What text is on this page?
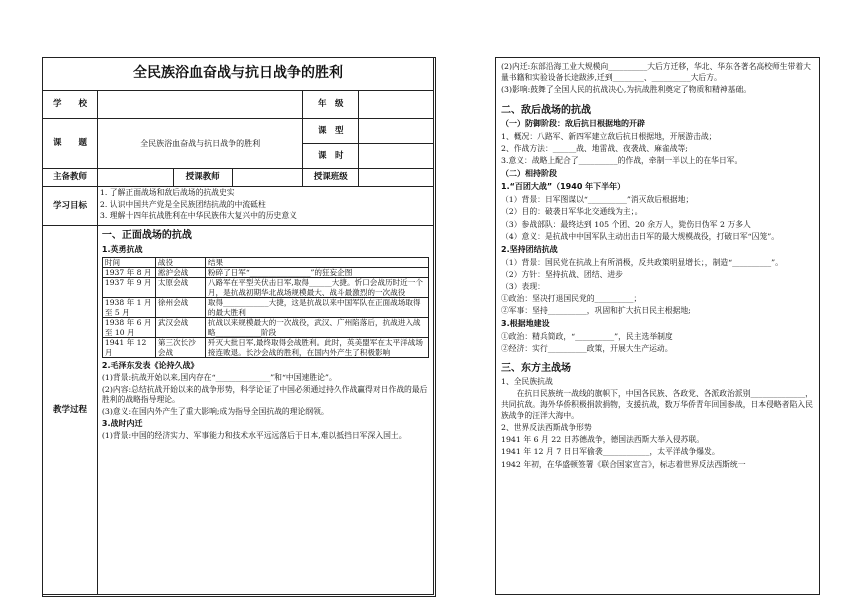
全民族浴血奋战与抗日战争的胜利
学　　校		年　级	
课　　题	全民族浴血奋战与抗日战争的胜利	课　型	
课　时	
主备教师		授课教师		授课班级	
学习目标	
1. 了解正面战场和敌后战场的抗战史实
2. 认识中国共产党是全民族团结抗战的中流砥柱
3. 理解十四年抗战胜利在中华民族伟大复兴中的历史意义

教学过程	
一、正面战场的抗战
1.英勇抗战
时间	战役	结果
1937 年 8 月	淞沪会战	粉碎了日军“________________”的狂妄企图
1937 年 9 月	太原会战	八路军在平型关伏击日军,取得______大捷。忻口会战历时近一个月，是抗战初期华北战场规模最大、战斗最激烈的一次战役
1938 年 1 月至 5 月	徐州会战	取得____________大捷，这是抗战以来中国军队在正面战场取得的最大胜利
1938 年 6 月至 10 月	武汉会战	抗战以来规模最大的一次战役，武汉、广州陷落后，抗战进入战略____________阶段
1941 年 12 月	第三次长沙会战	歼灭大批日军,最终取得会战胜利。此时，英美盟军在太平洋战场接连败退。长沙会战的胜利，在国内外产生了积极影响
2.毛泽东发表《论持久战》
(1)背景:抗战开始以来,国内存在“______________”和“中国速胜论”。
(2)内容:总结抗战开始以来的战争形势，科学论证了中国必须通过持久作战赢得对日作战的最后胜利的战略指导理论。
(3)意义:在国内外产生了重大影响;成为指导全国抗战的理论纲领。
3.战时内迁
(1)背景:中国的经济实力、军事能力和技术水平远远落后于日本,难以抵挡日军深入国土。
(2)内迁:东部沿海工业大规模向__________大后方迁移，华北、华东各著名高校师生带着大量书籍和实验设备长途跋涉,迁到________、__________大后方。
(3)影响:鼓舞了全国人民的抗战决心,为抗战胜利奠定了物质和精神基础。
二、敌后战场的抗战
（一）防御阶段：敌后抗日根据地的开辟
1、概况：八路军、新四军建立敌后抗日根据地，开展游击战；
2、作战方法：______战、地雷战、夜袭战、麻雀战等;
3.意义：战略上配合了__________的作战，牵制一半以上的在华日军。
（二）相持阶段
1.“百团大战”（1940 年下半年）
（1）背景：日军图谋以“__________”消灭敌后根据地；
（2）目的：破袭日军华北交通线为主；。
（3）参战部队：最终达到 105 个团、20 余万人，毙伤日伪军 2 万多人
（4）意义：是抗战中中国军队主动出击日军的最大规模战役，打破日军“囚笼”。
2.坚持团结抗战
（1）背景：国民党在抗战上有所消极，反共政策明显增长；，制造“__________”。
（2）方针：坚持抗战、团结、进步
（3）表现：
①政治：坚决打退国民党的__________；
②军事：坚持__________，巩固和扩大抗日民主根据地;
3.根据地建设
①政治：精兵简政，“__________”，民主选举制度
②经济：实行__________政策，开展大生产运动。
三、东方主战场
1、全民族抗战
在抗日民族统一战线的旗帜下，中国各民族、各政党、各派政治派别______________，共同抗敌。海外华侨积极捐款捐物，支援抗战，数万华侨青年回国参战，日本侵略者陷入民族战争的汪洋大海中。
2、世界反法西斯战争形势
1941 年 6 月 22 日苏德战争，德国法西斯大举入侵苏联。
1941 年 12 月 7 日日军偷袭____________，太平洋战争爆发。
1942 年初，在华盛顿签署《联合国家宣言》，标志着世界反法西斯统一
